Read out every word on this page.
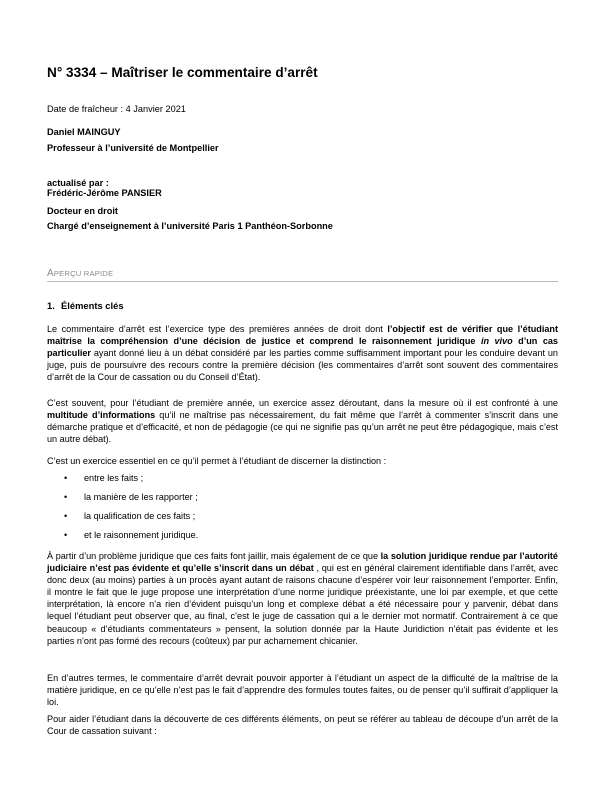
N° 3334 – Maîtriser le commentaire d’arrêt
Date de fraîcheur : 4 Janvier 2021
Daniel MAINGUY
Professeur à l’université de Montpellier
actualisé par :
Frédéric-Jérôme PANSIER
Docteur en droit
Chargé d’enseignement à l’université Paris 1 Panthéon-Sorbonne
APERÇU RAPIDE
1. Éléments clés
Le commentaire d’arrêt est l’exercice type des premières années de droit dont l’objectif est de vérifier que l’étudiant maîtrise la compréhension d’une décision de justice et comprend le raisonnement juridique in vivo d’un cas particulier ayant donné lieu à un débat considéré par les parties comme suffisamment important pour les conduire devant un juge, puis de poursuivre des recours contre la première décision (les commentaires d’arrêt sont souvent des commentaires d’arrêt de la Cour de cassation ou du Conseil d’État).
C’est souvent, pour l’étudiant de première année, un exercice assez déroutant, dans la mesure où il est confronté à une multitude d’informations qu’il ne maîtrise pas nécessairement, du fait même que l’arrêt à commenter s’inscrit dans une démarche pratique et d’efficacité, et non de pédagogie (ce qui ne signifie pas qu’un arrêt ne peut être pédagogique, mais c’est un autre débat).
C’est un exercice essentiel en ce qu’il permet à l’étudiant de discerner la distinction :
• entre les faits ;
• la manière de les rapporter ;
• la qualification de ces faits ;
• et le raisonnement juridique.
À partir d’un problème juridique que ces faits font jaillir, mais également de ce que la solution juridique rendue par l’autorité judiciaire n’est pas évidente et qu’elle s’inscrit dans un débat , qui est en général clairement identifiable dans l’arrêt, avec donc deux (au moins) parties à un procès ayant autant de raisons chacune d’espérer voir leur raisonnement l’emporter. Enfin, il montre le fait que le juge propose une interprétation d’une norme juridique préexistante, une loi par exemple, et que cette interprétation, là encore n’a rien d’évident puisqu’un long et complexe débat a été nécessaire pour y parvenir, débat dans lequel l’étudiant peut observer que, au final, c’est le juge de cassation qui a le dernier mot normatif. Contrairement à ce que beaucoup « d’étudiants commentateurs » pensent, la solution donnée par la Haute Juridiction n’était pas évidente et les parties n’ont pas formé des recours (coûteux) par pur acharnement chicanier.
En d’autres termes, le commentaire d’arrêt devrait pouvoir apporter à l’étudiant un aspect de la difficulté de la maîtrise de la matière juridique, en ce qu’elle n’est pas le fait d’apprendre des formules toutes faites, ou de penser qu’il suffirait d’appliquer la loi.
Pour aider l’étudiant dans la découverte de ces différents éléments, on peut se référer au tableau de découpe d’un arrêt de la Cour de cassation suivant :
